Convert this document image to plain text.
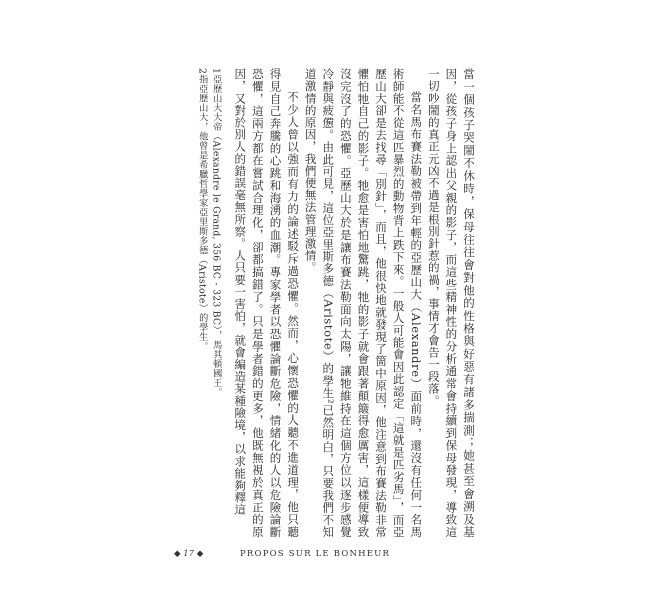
當一個孩子哭鬧不休時，保母往往會對他的性格與好惡有諸多揣測；她甚至會溯及基因，從孩子身上認出父親的影子，而這些精神性的分析通常會持續到保母發現，導致這一切吵鬧的真正元凶不過是根別針惹的禍，事情才會告一段落。

當名馬布賽法勒被帶到年輕的亞歷山大（Alexandre）面前時，還沒有任何一名馬術師能不從這匹暴烈的動物背上跌下來。一般人可能會因此認定「這就是匹劣馬」，而亞歷山大卻是去找尋「別針」，而且，他很快地就發現了箇中原因，他注意到布賽法勒非常懼怕牠自己的影子。牠愈是害怕地驚跳，牠的影子就會跟著顛簸得愈厲害，這樣便導致沒完沒了的恐懼。亞歷山大於是讓布賽法勒面向太陽，讓牠維持在這個方位以逐步感覺冷靜與疲憊。由此可見，這位亞里斯多德（Aristote）的學生²已然明白，只要我們不知道激情的原因，我們便無法管理激情。

不少人曾以強而有力的論述駁斥過恐懼。然而，心懷恐懼的人聽不進道理，他只聽得見自己奔騰的心跳和海湧的血潮。專家學者以恐懼論斷危險，情緒化的人以危險論斷恐懼，這兩方都在嘗試合理化，卻都搞錯了。只是學者錯的更多，他既無視於真正的原因，又對於別人的錯誤毫無所察。人只要一害怕，就會編造某種險境，以求能夠釋這

1亞歷山大大帝（Alexandre le Grand, 356 BC - 323 BC），馬其頓國王。

2指亞歷山大，他曾是希臘哲學家亞里斯多德（Aristote）的學生。

◆ 17 ◆	PROPOS SUR LE BONHEUR
